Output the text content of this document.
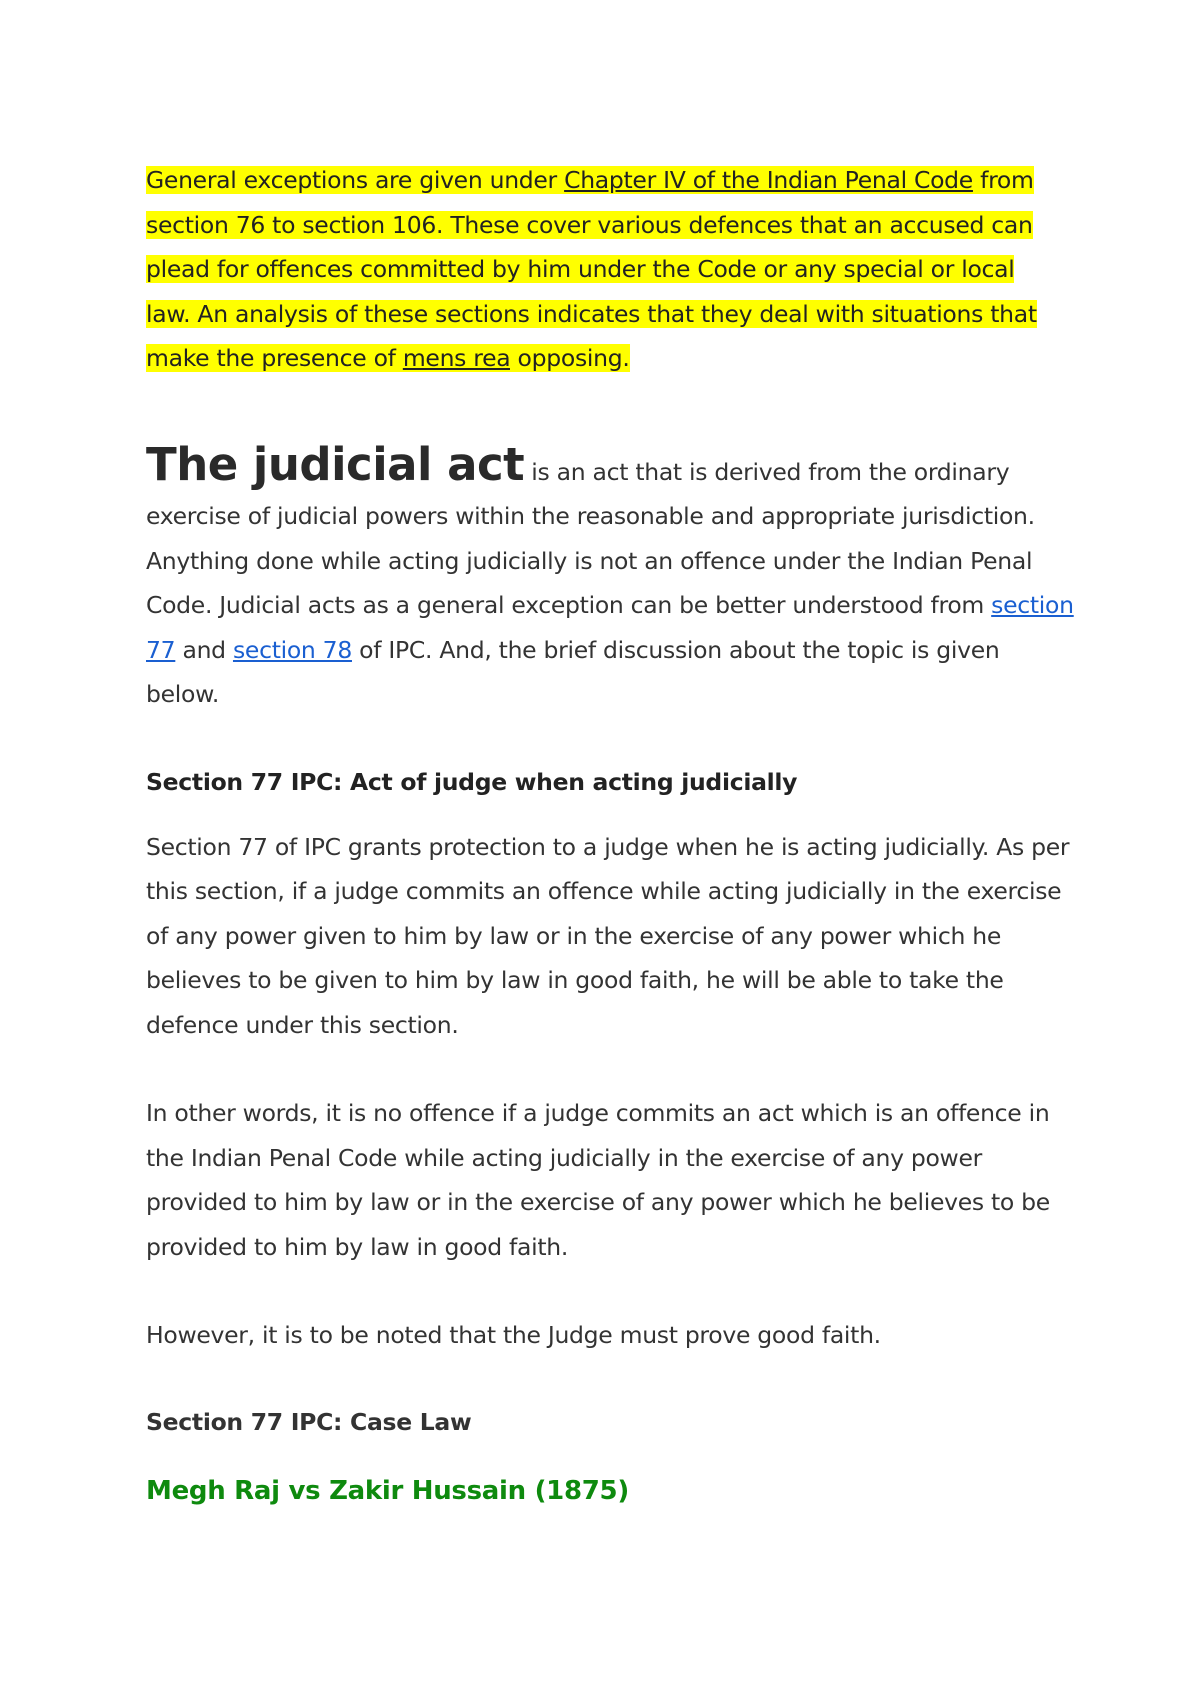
General exceptions are given under Chapter IV of the Indian Penal Code from section 76 to section 106. These cover various defences that an accused can plead for offences committed by him under the Code or any special or local law. An analysis of these sections indicates that they deal with situations that make the presence of mens rea opposing.

The judicial act is an act that is derived from the ordinary exercise of judicial powers within the reasonable and appropriate jurisdiction. Anything done while acting judicially is not an offence under the Indian Penal Code. Judicial acts as a general exception can be better understood from section 77 and section 78 of IPC. And, the brief discussion about the topic is given below.

Section 77 IPC: Act of judge when acting judicially

Section 77 of IPC grants protection to a judge when he is acting judicially. As per this section, if a judge commits an offence while acting judicially in the exercise of any power given to him by law or in the exercise of any power which he believes to be given to him by law in good faith, he will be able to take the defence under this section.

In other words, it is no offence if a judge commits an act which is an offence in the Indian Penal Code while acting judicially in the exercise of any power provided to him by law or in the exercise of any power which he believes to be provided to him by law in good faith.

However, it is to be noted that the Judge must prove good faith.

Section 77 IPC: Case Law

Megh Raj vs Zakir Hussain (1875)
